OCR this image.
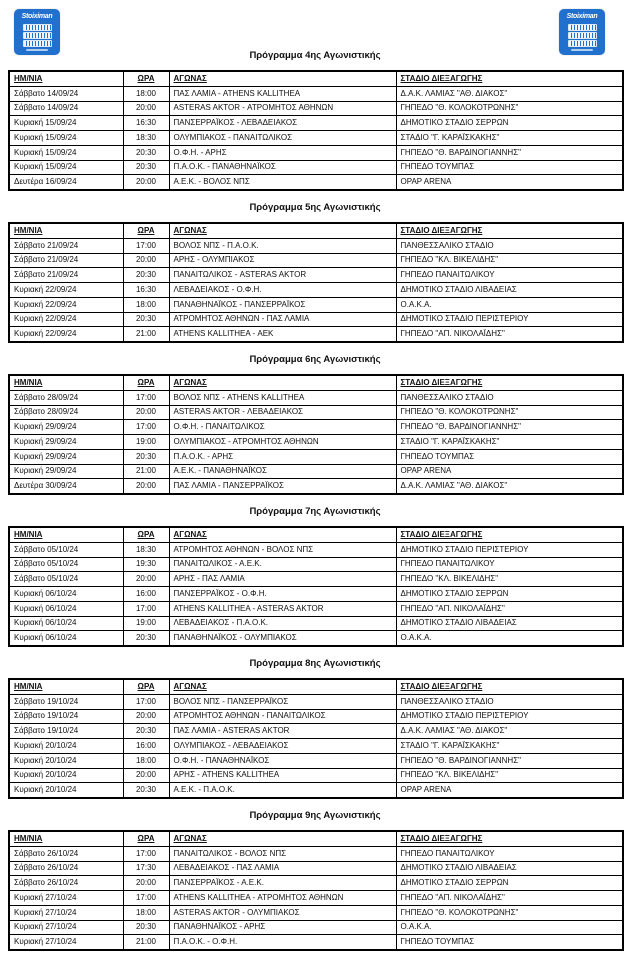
Stoiximan	Stoiximan
Πρόγραμμα 4ης Αγωνιστικής
ΗΜ/ΝΙΑ	ΩΡΑ	ΑΓΩΝΑΣ	ΣΤΑΔΙΟ ΔΙΕΞΑΓΩΓΗΣ
Σάββατο 14/09/24	18:00	ΠΑΣ ΛΑΜΙΑ - ATHENS KALLITHEA	Δ.Α.Κ. ΛΑΜΙΑΣ "ΑΘ. ΔΙΑΚΟΣ"
Σάββατο 14/09/24	20:00	ASTERAS AKTOR - ΑΤΡΟΜΗΤΟΣ ΑΘΗΝΩΝ	ΓΗΠΕΔΟ "Θ. ΚΟΛΟΚΟΤΡΩΝΗΣ"
Κυριακή 15/09/24	16:30	ΠΑΝΣΕΡΡΑΪΚΟΣ - ΛΕΒΑΔΕΙΑΚΟΣ	ΔΗΜΟΤΙΚΟ ΣΤΑΔΙΟ ΣΕΡΡΩΝ
Κυριακή 15/09/24	18:30	ΟΛΥΜΠΙΑΚΟΣ - ΠΑΝΑΙΤΩΛΙΚΟΣ	ΣΤΑΔΙΟ "Γ. ΚΑΡΑΪΣΚΑΚΗΣ"
Κυριακή 15/09/24	20:30	Ο.Φ.Η. - ΑΡΗΣ	ΓΗΠΕΔΟ "Θ. ΒΑΡΔΙΝΟΓΙΑΝΝΗΣ"
Κυριακή 15/09/24	20:30	Π.Α.Ο.Κ. - ΠΑΝΑΘΗΝΑΪΚΟΣ	ΓΗΠΕΔΟ ΤΟΥΜΠΑΣ
Δευτέρα 16/09/24	20:00	Α.Ε.Κ. - ΒΟΛΟΣ ΝΠΣ	OPAP ARENA
Πρόγραμμα 5ης Αγωνιστικής
ΗΜ/ΝΙΑ	ΩΡΑ	ΑΓΩΝΑΣ	ΣΤΑΔΙΟ ΔΙΕΞΑΓΩΓΗΣ
Σάββατο 21/09/24	17:00	ΒΟΛΟΣ ΝΠΣ - Π.Α.Ο.Κ.	ΠΑΝΘΕΣΣΑΛΙΚΟ ΣΤΑΔΙΟ
Σάββατο 21/09/24	20:00	ΑΡΗΣ - ΟΛΥΜΠΙΑΚΟΣ	ΓΗΠΕΔΟ "ΚΛ. ΒΙΚΕΛΙΔΗΣ"
Σάββατο 21/09/24	20:30	ΠΑΝΑΙΤΩΛΙΚΟΣ - ASTERAS AKTOR	ΓΗΠΕΔΟ ΠΑΝΑΙΤΩΛΙΚΟΥ
Κυριακή 22/09/24	16:30	ΛΕΒΑΔΕΙΑΚΟΣ - Ο.Φ.Η.	ΔΗΜΟΤΙΚΟ ΣΤΑΔΙΟ ΛΙΒΑΔΕΙΑΣ
Κυριακή 22/09/24	18:00	ΠΑΝΑΘΗΝΑΪΚΟΣ - ΠΑΝΣΕΡΡΑΪΚΟΣ	Ο.Α.Κ.Α.
Κυριακή 22/09/24	20:30	ΑΤΡΟΜΗΤΟΣ ΑΘΗΝΩΝ - ΠΑΣ ΛΑΜΙΑ	ΔΗΜΟΤΙΚΟ ΣΤΑΔΙΟ ΠΕΡΙΣΤΕΡΙΟΥ
Κυριακή 22/09/24	21:00	ATHENS KALLITHEA - ΑΕΚ	ΓΗΠΕΔΟ "ΑΠ. ΝΙΚΟΛΑΪΔΗΣ"
Πρόγραμμα 6ης Αγωνιστικής
ΗΜ/ΝΙΑ	ΩΡΑ	ΑΓΩΝΑΣ	ΣΤΑΔΙΟ ΔΙΕΞΑΓΩΓΗΣ
Σάββατο 28/09/24	17:00	ΒΟΛΟΣ ΝΠΣ - ATHENS KALLITHEA	ΠΑΝΘΕΣΣΑΛΙΚΟ ΣΤΑΔΙΟ
Σάββατο 28/09/24	20:00	ASTERAS AKTOR - ΛΕΒΑΔΕΙΑΚΟΣ	ΓΗΠΕΔΟ "Θ. ΚΟΛΟΚΟΤΡΩΝΗΣ"
Κυριακή 29/09/24	17:00	Ο.Φ.Η. - ΠΑΝΑΙΤΩΛΙΚΟΣ	ΓΗΠΕΔΟ "Θ. ΒΑΡΔΙΝΟΓΙΑΝΝΗΣ"
Κυριακή 29/09/24	19:00	ΟΛΥΜΠΙΑΚΟΣ - ΑΤΡΟΜΗΤΟΣ ΑΘΗΝΩΝ	ΣΤΑΔΙΟ "Γ. ΚΑΡΑΪΣΚΑΚΗΣ"
Κυριακή 29/09/24	20:30	Π.Α.Ο.Κ. - ΑΡΗΣ	ΓΗΠΕΔΟ ΤΟΥΜΠΑΣ
Κυριακή 29/09/24	21:00	Α.Ε.Κ. - ΠΑΝΑΘΗΝΑΪΚΟΣ	OPAP ARENA
Δευτέρα 30/09/24	20:00	ΠΑΣ ΛΑΜΙΑ - ΠΑΝΣΕΡΡΑΪΚΟΣ	Δ.Α.Κ. ΛΑΜΙΑΣ "ΑΘ. ΔΙΑΚΟΣ"
Πρόγραμμα 7ης Αγωνιστικής
ΗΜ/ΝΙΑ	ΩΡΑ	ΑΓΩΝΑΣ	ΣΤΑΔΙΟ ΔΙΕΞΑΓΩΓΗΣ
Σάββατο 05/10/24	18:30	ΑΤΡΟΜΗΤΟΣ ΑΘΗΝΩΝ - ΒΟΛΟΣ ΝΠΣ	ΔΗΜΟΤΙΚΟ ΣΤΑΔΙΟ ΠΕΡΙΣΤΕΡΙΟΥ
Σάββατο 05/10/24	19:30	ΠΑΝΑΙΤΩΛΙΚΟΣ - Α.Ε.Κ.	ΓΗΠΕΔΟ ΠΑΝΑΙΤΩΛΙΚΟΥ
Σάββατο 05/10/24	20:00	ΑΡΗΣ - ΠΑΣ ΛΑΜΙΑ	ΓΗΠΕΔΟ "ΚΛ. ΒΙΚΕΛΙΔΗΣ"
Κυριακή 06/10/24	16:00	ΠΑΝΣΕΡΡΑΪΚΟΣ - Ο.Φ.Η.	ΔΗΜΟΤΙΚΟ ΣΤΑΔΙΟ ΣΕΡΡΩΝ
Κυριακή 06/10/24	17:00	ATHENS KALLITHEA - ASTERAS AKTOR	ΓΗΠΕΔΟ "ΑΠ. ΝΙΚΟΛΑΪΔΗΣ"
Κυριακή 06/10/24	19:00	ΛΕΒΑΔΕΙΑΚΟΣ - Π.Α.Ο.Κ.	ΔΗΜΟΤΙΚΟ ΣΤΑΔΙΟ ΛΙΒΑΔΕΙΑΣ
Κυριακή 06/10/24	20:30	ΠΑΝΑΘΗΝΑΪΚΟΣ - ΟΛΥΜΠΙΑΚΟΣ	Ο.Α.Κ.Α.
Πρόγραμμα 8ης Αγωνιστικής
ΗΜ/ΝΙΑ	ΩΡΑ	ΑΓΩΝΑΣ	ΣΤΑΔΙΟ ΔΙΕΞΑΓΩΓΗΣ
Σάββατο 19/10/24	17:00	ΒΟΛΟΣ ΝΠΣ - ΠΑΝΣΕΡΡΑΪΚΟΣ	ΠΑΝΘΕΣΣΑΛΙΚΟ ΣΤΑΔΙΟ
Σάββατο 19/10/24	20:00	ΑΤΡΟΜΗΤΟΣ ΑΘΗΝΩΝ - ΠΑΝΑΙΤΩΛΙΚΟΣ	ΔΗΜΟΤΙΚΟ ΣΤΑΔΙΟ ΠΕΡΙΣΤΕΡΙΟΥ
Σάββατο 19/10/24	20:30	ΠΑΣ ΛΑΜΙΑ - ASTERAS AKTOR	Δ.Α.Κ. ΛΑΜΙΑΣ "ΑΘ. ΔΙΑΚΟΣ"
Κυριακή 20/10/24	16:00	ΟΛΥΜΠΙΑΚΟΣ - ΛΕΒΑΔΕΙΑΚΟΣ	ΣΤΑΔΙΟ "Γ. ΚΑΡΑΪΣΚΑΚΗΣ"
Κυριακή 20/10/24	18:00	Ο.Φ.Η. - ΠΑΝΑΘΗΝΑΪΚΟΣ	ΓΗΠΕΔΟ "Θ. ΒΑΡΔΙΝΟΓΙΑΝΝΗΣ"
Κυριακή 20/10/24	20:00	ΑΡΗΣ - ATHENS KALLITHEA	ΓΗΠΕΔΟ "ΚΛ. ΒΙΚΕΛΙΔΗΣ"
Κυριακή 20/10/24	20:30	Α.Ε.Κ. - Π.Α.Ο.Κ.	OPAP ARENA
Πρόγραμμα 9ης Αγωνιστικής
ΗΜ/ΝΙΑ	ΩΡΑ	ΑΓΩΝΑΣ	ΣΤΑΔΙΟ ΔΙΕΞΑΓΩΓΗΣ
Σάββατο 26/10/24	17:00	ΠΑΝΑΙΤΩΛΙΚΟΣ - ΒΟΛΟΣ ΝΠΣ	ΓΗΠΕΔΟ ΠΑΝΑΙΤΩΛΙΚΟΥ
Σάββατο 26/10/24	17:30	ΛΕΒΑΔΕΙΑΚΟΣ - ΠΑΣ ΛΑΜΙΑ	ΔΗΜΟΤΙΚΟ ΣΤΑΔΙΟ ΛΙΒΑΔΕΙΑΣ
Σάββατο 26/10/24	20:00	ΠΑΝΣΕΡΡΑΪΚΟΣ - Α.Ε.Κ.	ΔΗΜΟΤΙΚΟ ΣΤΑΔΙΟ ΣΕΡΡΩΝ
Κυριακή 27/10/24	17:00	ATHENS KALLITHEA - ΑΤΡΟΜΗΤΟΣ ΑΘΗΝΩΝ	ΓΗΠΕΔΟ "ΑΠ. ΝΙΚΟΛΑΪΔΗΣ"
Κυριακή 27/10/24	18:00	ASTERAS AKTOR - ΟΛΥΜΠΙΑΚΟΣ	ΓΗΠΕΔΟ "Θ. ΚΟΛΟΚΟΤΡΩΝΗΣ"
Κυριακή 27/10/24	20:30	ΠΑΝΑΘΗΝΑΪΚΟΣ - ΑΡΗΣ	Ο.Α.Κ.Α.
Κυριακή 27/10/24	21:00	Π.Α.Ο.Κ. - Ο.Φ.Η.	ΓΗΠΕΔΟ ΤΟΥΜΠΑΣ
